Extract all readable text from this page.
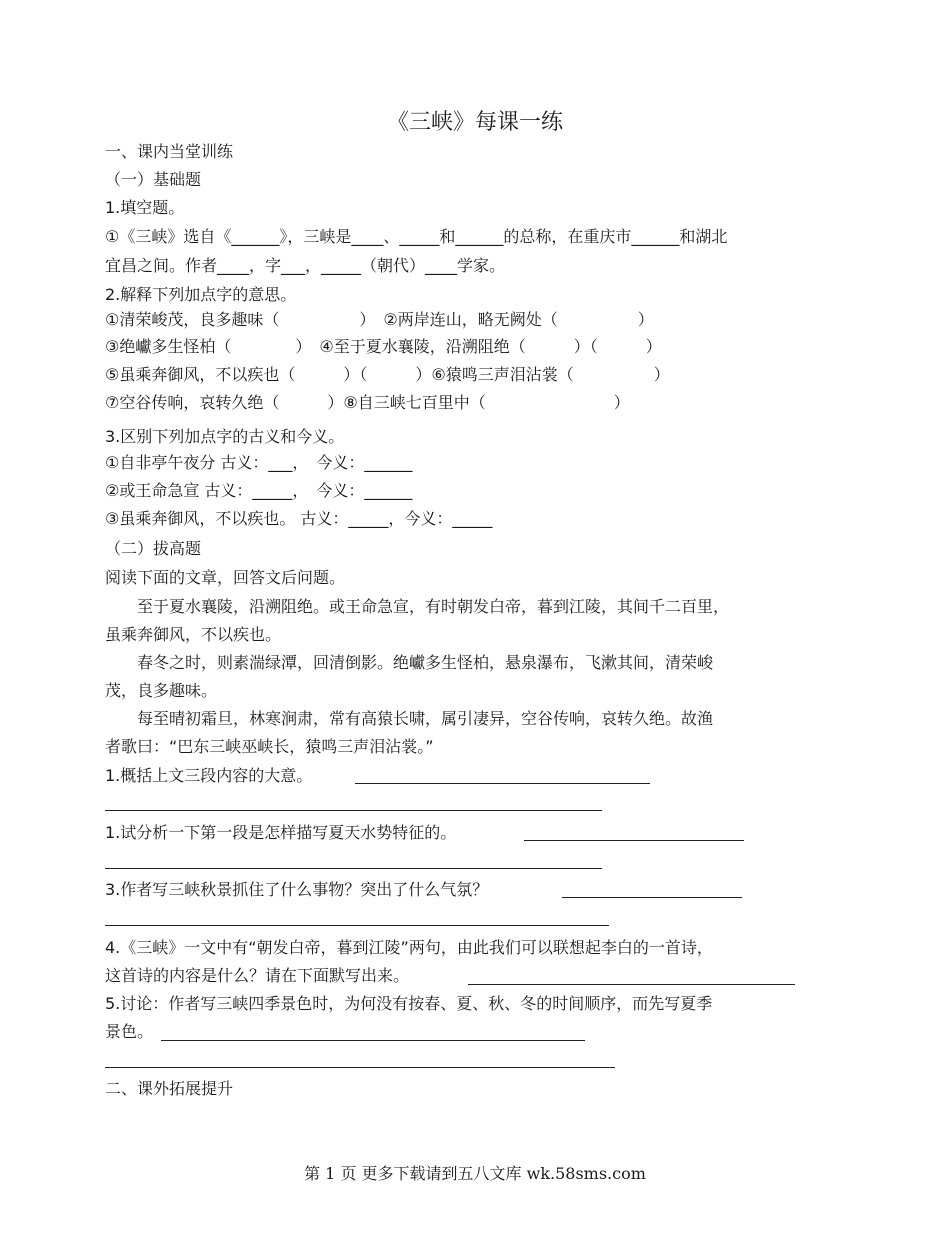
《三峡》每课一练
一、课内当堂训练
（一）基础题
1.填空题。
①《三峡》选自《______》，三峡是____、_____和______的总称，在重庆市______和湖北
宜昌之间。作者____，字___，_____（朝代）____学家。
2.解释下列加点字的意思。
①清荣峻茂，良多趣味（　　　　　）　②两岸连山，略无阙处（　　　　　）
③绝巘多生怪柏（　　　　）　④至于夏水襄陵，沿溯阻绝（　　　）（　　　）
⑤虽乘奔御风，不以疾也（　　　）（　　　）⑥猿鸣三声泪沾裳（　　　　　）
⑦空谷传响，哀转久绝（　　　）⑧自三峡七百里中（　　　　　　　　）
3.区别下列加点字的古义和今义。
①自非亭午夜分 古义：___，　今义：______
②或王命急宣 古义：_____，　今义：______
③虽乘奔御风，不以疾也。 古义：_____，今义：_____
（二）拔高题
阅读下面的文章，回答文后问题。
至于夏水襄陵，沿溯阻绝。或王命急宣，有时朝发白帝，暮到江陵，其间千二百里，
虽乘奔御风，不以疾也。
春冬之时，则素湍绿潭，回清倒影。绝巘多生怪柏，悬泉瀑布，飞漱其间，清荣峻
茂，良多趣味。
每至晴初霜旦，林寒涧肃，常有高猿长啸，属引凄异，空谷传响，哀转久绝。故渔
者歌曰：“巴东三峡巫峡长，猿鸣三声泪沾裳。”
1.概括上文三段内容的大意。
1.试分析一下第一段是怎样描写夏天水势特征的。
3.作者写三峡秋景抓住了什么事物？突出了什么气氛？
4.《三峡》一文中有“朝发白帝，暮到江陵”两句，由此我们可以联想起李白的一首诗，
这首诗的内容是什么？请在下面默写出来。
5.讨论：作者写三峡四季景色时，为何没有按春、夏、秋、冬的时间顺序，而先写夏季
景色。
二、课外拓展提升
第 1 页 更多下载请到五八文库 wk.58sms.com
